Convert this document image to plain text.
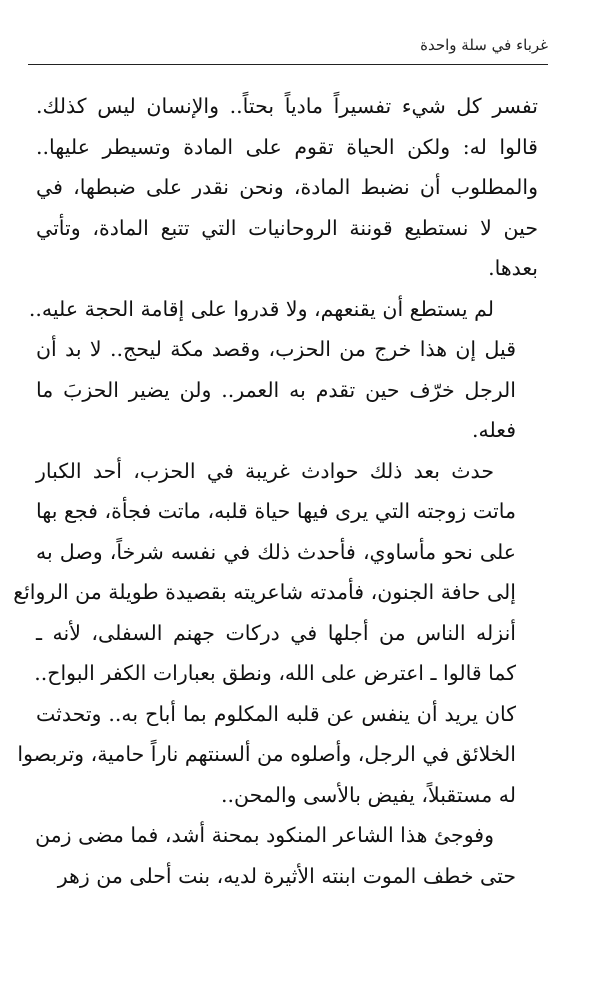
غرباء في سلة واحدة
تفسر كل شيء تفسيراً مادياً بحتاً.. والإنسان ليس كذلك.
قالوا له: ولكن الحياة تقوم على المادة وتسيطر عليها..
والمطلوب أن نضبط المادة، ونحن نقدر على ضبطها، في
حين لا نستطيع قوننة الروحانيات التي تتبع المادة، وتأتي
بعدها.
لم يستطع أن يقنعهم، ولا قدروا على إقامة الحجة عليه..
قيل إن هذا خرج من الحزب، وقصد مكة ليحج.. لا بد أن
الرجل خرّف حين تقدم به العمر.. ولن يضير الحزبَ ما
فعله.
حدث بعد ذلك حوادث غريبة في الحزب، أحد الكبار
ماتت زوجته التي يرى فيها حياة قلبه، ماتت فجأة، فجع بها
على نحو مأساوي، فأحدث ذلك في نفسه شرخاً، وصل به
إلى حافة الجنون، فأمدته شاعريته بقصيدة طويلة من الروائع
أنزله الناس من أجلها في دركات جهنم السفلى، لأنه ـ
كما قالوا ـ اعترض على الله، ونطق بعبارات الكفر البواح..
كان يريد أن ينفس عن قلبه المكلوم بما أباح به.. وتحدثت
الخلائق في الرجل، وأصلوه من ألسنتهم ناراً حامية، وتربصوا
له مستقبلاً، يفيض بالأسى والمحن..
وفوجئ هذا الشاعر المنكود بمحنة أشد، فما مضى زمن
حتى خطف الموت ابنته الأثيرة لديه، بنت أحلى من زهر
